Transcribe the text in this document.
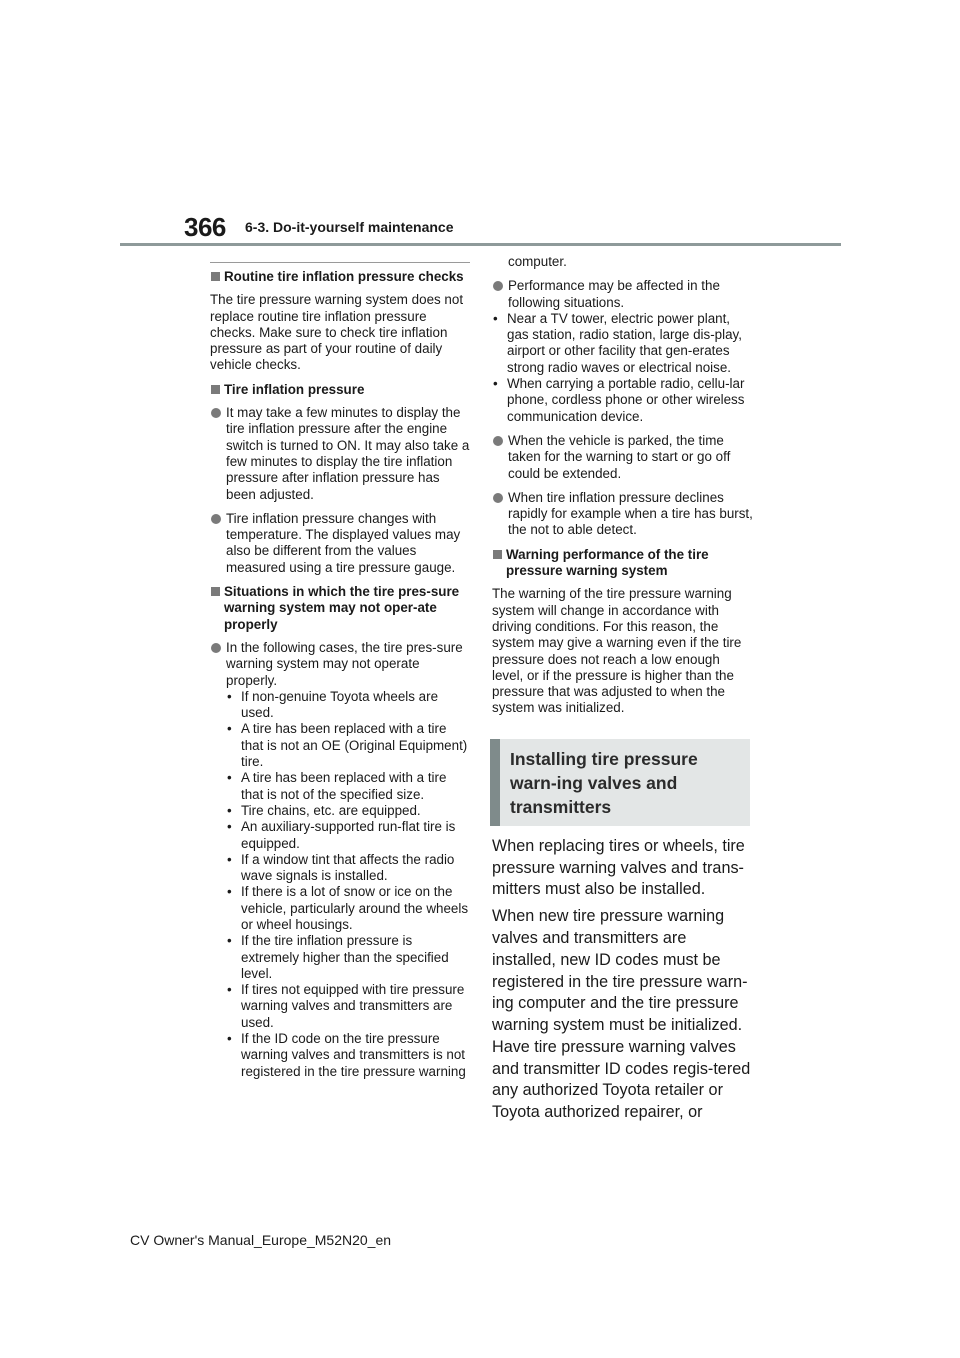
366 6-3. Do-it-yourself maintenance
Routine tire inflation pressure checks

The tire pressure warning system does not replace routine tire inflation pressure checks. Make sure to check tire inflation pressure as part of your routine of daily vehicle checks.

Tire inflation pressure

It may take a few minutes to display the tire inflation pressure after the engine switch is turned to ON. It may also take a few minutes to display the tire inflation pressure after inflation pressure has been adjusted.

Tire inflation pressure changes with temperature. The displayed values may also be different from the values measured using a tire pressure gauge.

Situations in which the tire pres-sure warning system may not oper-ate properly

In the following cases, the tire pres-sure warning system may not operate properly.

• If non-genuine Toyota wheels are used.
• A tire has been replaced with a tire that is not an OE (Original Equipment) tire.
• A tire has been replaced with a tire that is not of the specified size.
• Tire chains, etc. are equipped.
• An auxiliary-supported run-flat tire is equipped.
• If a window tint that affects the radio wave signals is installed.
• If there is a lot of snow or ice on the vehicle, particularly around the wheels or wheel housings.
• If the tire inflation pressure is extremely higher than the specified level.
• If tires not equipped with tire pressure warning valves and transmitters are used.
• If the ID code on the tire pressure warning valves and transmitters is not registered in the tire pressure warning

computer.

Performance may be affected in the following situations.

• Near a TV tower, electric power plant, gas station, radio station, large dis-play, airport or other facility that gen-erates strong radio waves or electrical noise.
• When carrying a portable radio, cellu-lar phone, cordless phone or other wireless communication device.

When the vehicle is parked, the time taken for the warning to start or go off could be extended.

When tire inflation pressure declines rapidly for example when a tire has burst, the not to able detect.

Warning performance of the tire pressure warning system

The warning of the tire pressure warning system will change in accordance with driving conditions. For this reason, the system may give a warning even if the tire pressure does not reach a low enough level, or if the pressure is higher than the pressure that was adjusted to when the system was initialized.

Installing tire pressure warn-ing valves and transmitters

When replacing tires or wheels, tire pressure warning valves and trans-mitters must also be installed.

When new tire pressure warning valves and transmitters are installed, new ID codes must be registered in the tire pressure warn-ing computer and the tire pressure warning system must be initialized. Have tire pressure warning valves and transmitter ID codes regis-tered any authorized Toyota retailer or Toyota authorized repairer, or

CV Owner's Manual_Europe_M52N20_en
